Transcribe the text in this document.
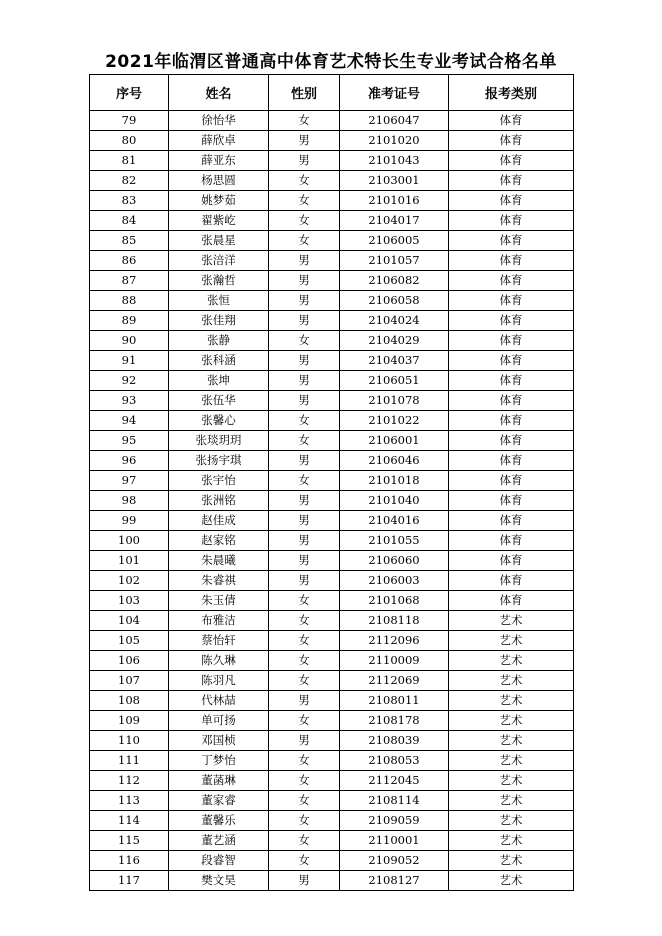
2021年临渭区普通高中体育艺术特长生专业考试合格名单
序号	姓名	性别	准考证号	报考类别
79	徐怡华	女	2106047	体育
80	薛欣卓	男	2101020	体育
81	薛亚东	男	2101043	体育
82	杨思圆	女	2103001	体育
83	姚梦茹	女	2101016	体育
84	翟紫屹	女	2104017	体育
85	张晨星	女	2106005	体育
86	张涪洋	男	2101057	体育
87	张瀚哲	男	2106082	体育
88	张恒	男	2106058	体育
89	张佳翔	男	2104024	体育
90	张静	女	2104029	体育
91	张科涵	男	2104037	体育
92	张坤	男	2106051	体育
93	张伍华	男	2101078	体育
94	张馨心	女	2101022	体育
95	张琰玥玥	女	2106001	体育
96	张扬宇琪	男	2106046	体育
97	张宇怡	女	2101018	体育
98	张洲铭	男	2101040	体育
99	赵佳成	男	2104016	体育
100	赵家铭	男	2101055	体育
101	朱晨曦	男	2106060	体育
102	朱睿祺	男	2106003	体育
103	朱玉倩	女	2101068	体育
104	布雅洁	女	2108118	艺术
105	蔡怡轩	女	2112096	艺术
106	陈久琳	女	2110009	艺术
107	陈羽凡	女	2112069	艺术
108	代林喆	男	2108011	艺术
109	单可扬	女	2108178	艺术
110	邓国桢	男	2108039	艺术
111	丁梦怡	女	2108053	艺术
112	董菡琳	女	2112045	艺术
113	董家睿	女	2108114	艺术
114	董馨乐	女	2109059	艺术
115	董艺涵	女	2110001	艺术
116	段睿智	女	2109052	艺术
117	樊文昊	男	2108127	艺术
